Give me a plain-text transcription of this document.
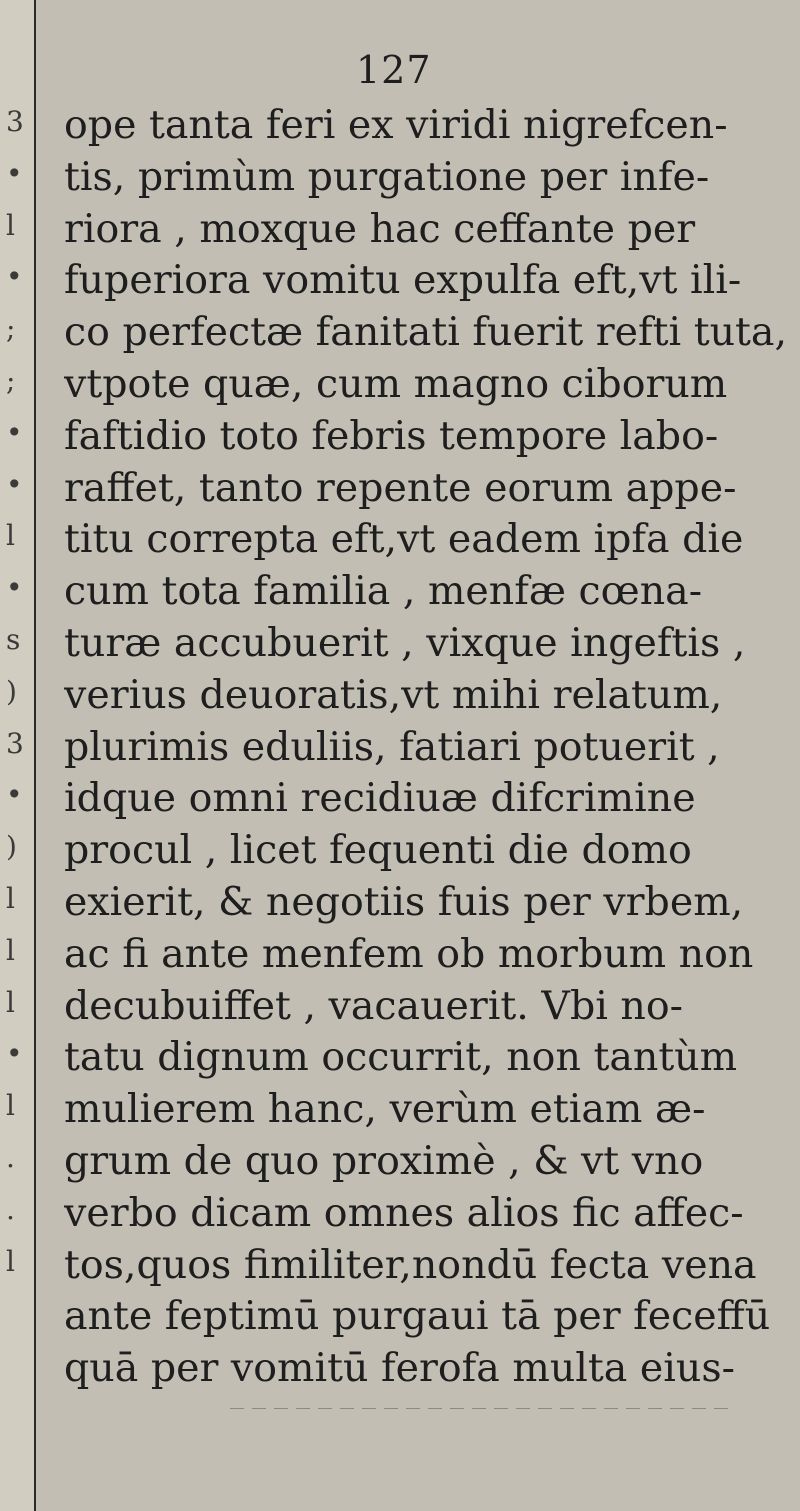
3
•
l
•
;
;
•
•
l
•
s
)
3
•
)
l
l
l
•
l
.
.
l
127
ope tanta feri ex viridi nigrefcen-
tis, primùm purgatione per infe-
riora , moxque hac ceffante per
fuperiora vomitu expulfa eft,vt ili-
co perfectæ fanitati fuerit refti tuta,
vtpote quæ, cum magno ciborum
faftidio toto febris tempore labo-
raffet, tanto repente eorum appe-
titu correpta eft,vt eadem ipfa die
cum tota familia , menfæ cœna-
turæ accubuerit , vixque ingeftis ,
verius deuoratis,vt mihi relatum,
plurimis eduliis, fatiari potuerit ,
idque omni recidiuæ difcrimine
procul , licet fequenti die domo
exierit, & negotiis fuis per vrbem,
ac fi ante menfem ob morbum non
decubuiffet , vacauerit. Vbi no-
tatu dignum occurrit, non tantùm
mulierem hanc, verùm etiam æ-
grum de quo proximè , & vt vno
verbo dicam omnes alios fic affec-
tos,quos fimiliter,nondū fecta vena
ante feptimū purgaui tā per feceffū
quā per vomitū ferofa multa eius-
